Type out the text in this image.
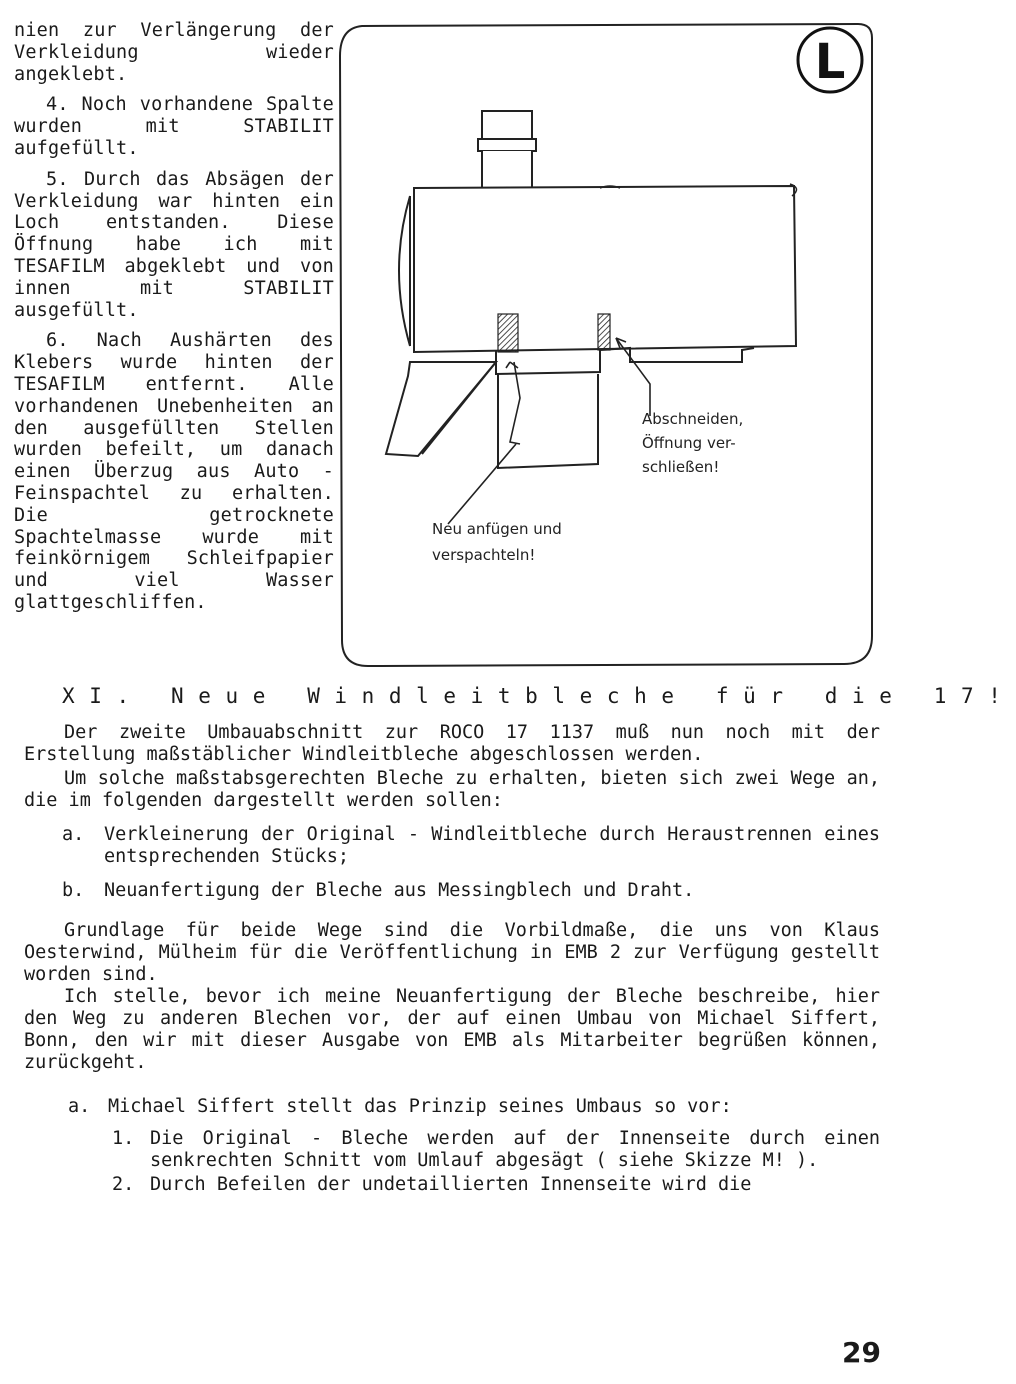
nien zur Verlängerung der Verkleidung wieder angeklebt.

4. Noch vorhandene Spalte wurden mit STABILIT aufgefüllt.

5. Durch das Absägen der Verkleidung war hinten ein Loch entstanden. Diese Öffnung habe ich mit TESAFILM abgeklebt und von innen mit STABILIT ausgefüllt.

6. Nach Aushärten des Klebers wurde hinten der TESAFILM entfernt. Alle vorhandenen Unebenheiten an den ausgefüllten Stellen wurden befeilt, um danach einen Überzug aus Auto - Feinspachtel zu erhalten. Die getrocknete Spachtelmasse wurde mit feinkörnigem Schleifpapier und viel Wasser glattgeschliffen.

L
Abschneiden,
Öffnung ver-
schließen!
Neu anfügen und
verspachteln!
XI. Neue Windleitbleche für die 17!

Der zweite Umbauabschnitt zur ROCO 17 1137 muß nun noch mit der Erstellung maßstäblicher Windleitbleche abgeschlossen werden.

Um solche maßstabsgerechten Bleche zu erhalten, bieten sich zwei Wege an, die im folgenden dargestellt werden sollen:

a.	Verkleinerung der Original - Windleitbleche durch Heraustrennen eines entsprechenden Stücks;
b.	Neuanfertigung der Bleche aus Messingblech und Draht.

Grundlage für beide Wege sind die Vorbildmaße, die uns von Klaus Oesterwind, Mülheim für die Veröffentlichung in EMB 2 zur Verfügung gestellt worden sind.

Ich stelle, bevor ich meine Neuanfertigung der Bleche beschreibe, hier den Weg zu anderen Blechen vor, der auf einen Umbau von Michael Siffert, Bonn, den wir mit dieser Ausgabe von EMB als Mitarbeiter begrüßen können, zurückgeht.

a. Michael Siffert stellt das Prinzip seines Umbaus so vor:
1. Die Original - Bleche werden auf der Innenseite durch einen senkrechten Schnitt vom Umlauf abgesägt ( siehe Skizze M! ).
2. Durch Befeilen der undetaillierten Innenseite wird die
29
